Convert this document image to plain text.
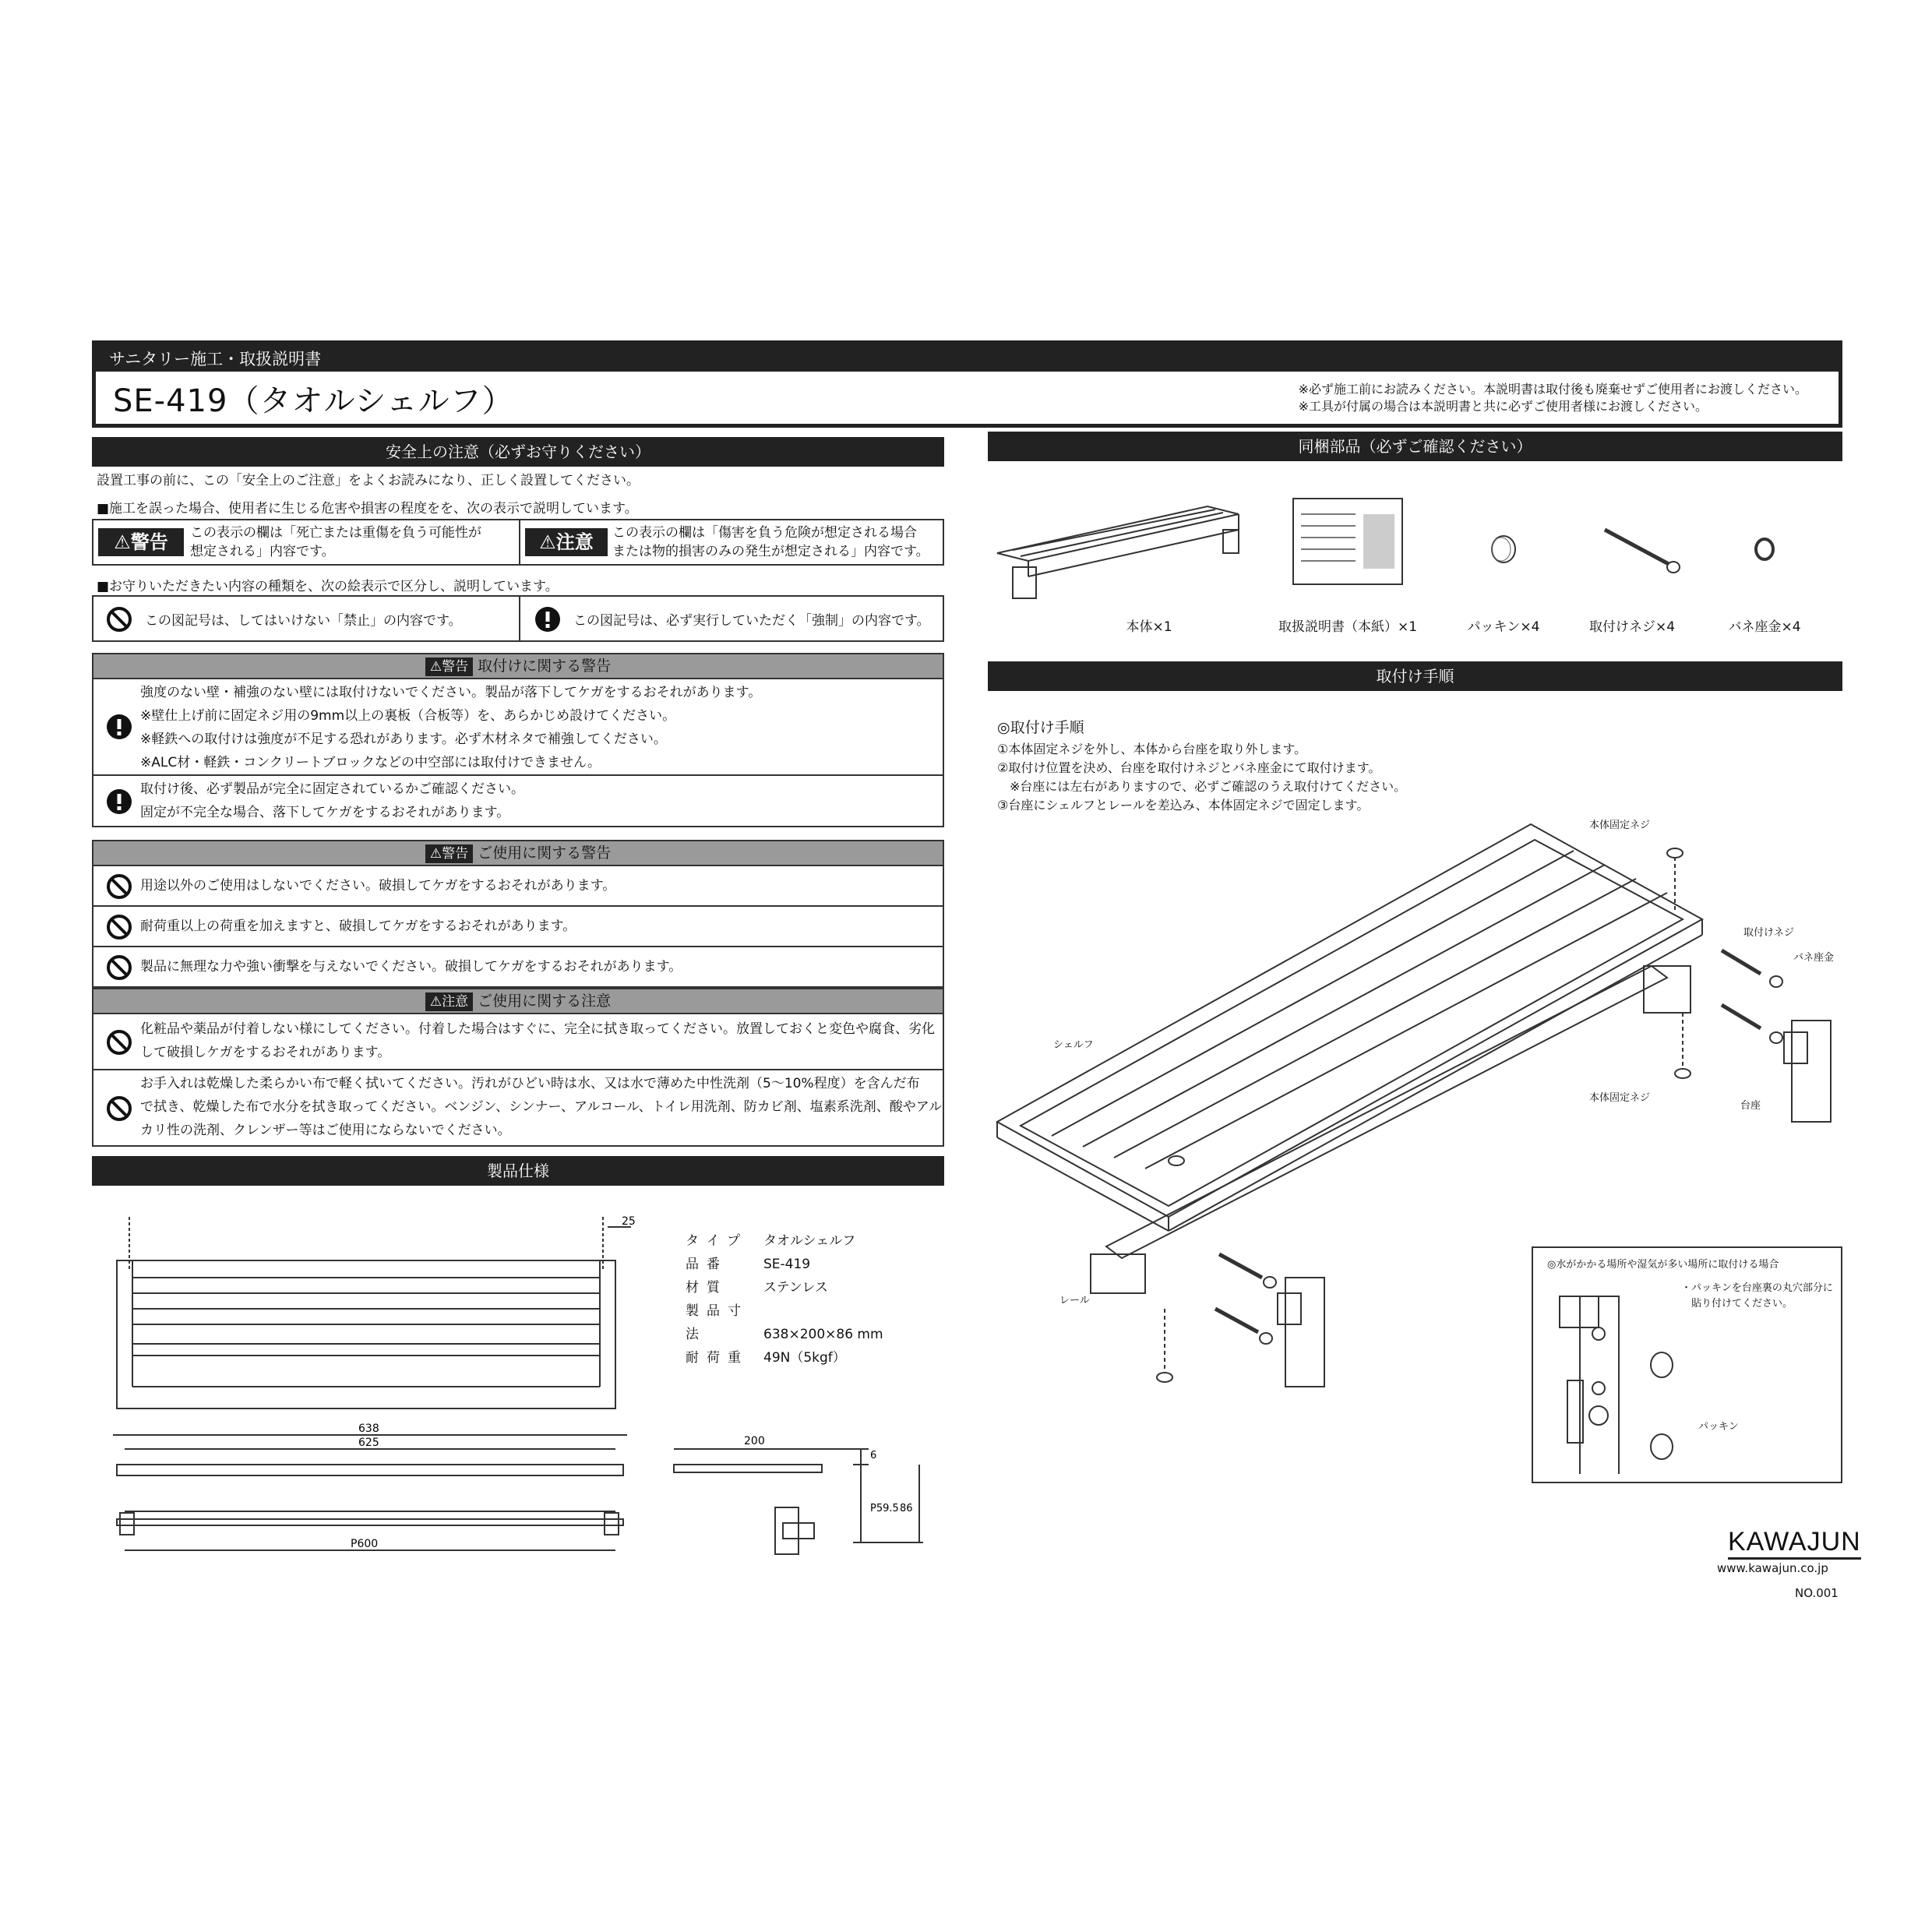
サニタリー施工・取扱説明書
SE-419（タオルシェルフ）	※必ず施工前にお読みください。本説明書は取付後も廃棄せずご使用者にお渡しください。
※工具が付属の場合は本説明書と共に必ずご使用者様にお渡しください。
安全上の注意（必ずお守りください）
設置工事の前に、この「安全上のご注意」をよくお読みになり、正しく設置してください。
■施工を誤った場合、使用者に生じる危害や損害の程度をを、次の表示で説明しています。
⚠警告	この表示の欄は「死亡または重傷を負う可能性が
想定される」内容です。	⚠注意	この表示の欄は「傷害を負う危険が想定される場合
または物的損害のみの発生が想定される」内容です。
■お守りいただきたい内容の種類を、次の絵表示で区分し、説明しています。
この図記号は、してはいけない「禁止」の内容です。	この図記号は、必ず実行していただく「強制」の内容です。
⚠警告 取付けに関する警告
強度のない壁・補強のない壁には取付けないでください。製品が落下してケガをするおそれがあります。
※壁仕上げ前に固定ネジ用の9mm以上の裏板（合板等）を、あらかじめ設けてください。
※軽鉄への取付けは強度が不足する恐れがあります。必ず木材ネタで補強してください。
※ALC材・軽鉄・コンクリートブロックなどの中空部には取付けできません。
取付け後、必ず製品が完全に固定されているかご確認ください。
固定が不完全な場合、落下してケガをするおそれがあります。
⚠警告 ご使用に関する警告
用途以外のご使用はしないでください。破損してケガをするおそれがあります。
耐荷重以上の荷重を加えますと、破損してケガをするおそれがあります。
製品に無理な力や強い衝撃を与えないでください。破損してケガをするおそれがあります。
⚠注意 ご使用に関する注意
化粧品や薬品が付着しない様にしてください。付着した場合はすぐに、完全に拭き取ってください。放置しておくと変色や腐食、劣化
して破損しケガをするおそれがあります。
お手入れは乾燥した柔らかい布で軽く拭いてください。汚れがひどい時は水、又は水で薄めた中性洗剤（5～10%程度）を含んだ布
で拭き、乾燥した布で水分を拭き取ってください。ベンジン、シンナー、アルコール、トイレ用洗剤、防カビ剤、塩素系洗剤、酸やアル
カリ性の洗剤、クレンザー等はご使用にならないでください。
製品仕様
25
638
625
P600
タイプ タオルシェルフ
品番	SE-419
材質	ステンレス
製品寸法	638×200×86 mm
耐荷重 49N（5kgf）
200
6
P59.5 86
同梱部品（必ずご確認ください）
本体×1	取扱説明書（本紙）×1	パッキン×4	取付けネジ×4	バネ座金×4
取付け手順
◎取付け手順
①本体固定ネジを外し、本体から台座を取り外します。
②取付け位置を決め、台座を取付けネジとバネ座金にて取付けます。
　※台座には左右がありますので、必ずご確認のうえ取付けてください。
③台座にシェルフとレールを差込み、本体固定ネジで固定します。
本体固定ネジ
取付けネジ
バネ座金
シェルフ
本体固定ネジ
台座
レール
◎水がかかる場所や湿気が多い場所に取付ける場合
・パッキンを台座裏の丸穴部分に
　貼り付けてください。
パッキン
KAWAJUN
www.kawajun.co.jp
NO.001
